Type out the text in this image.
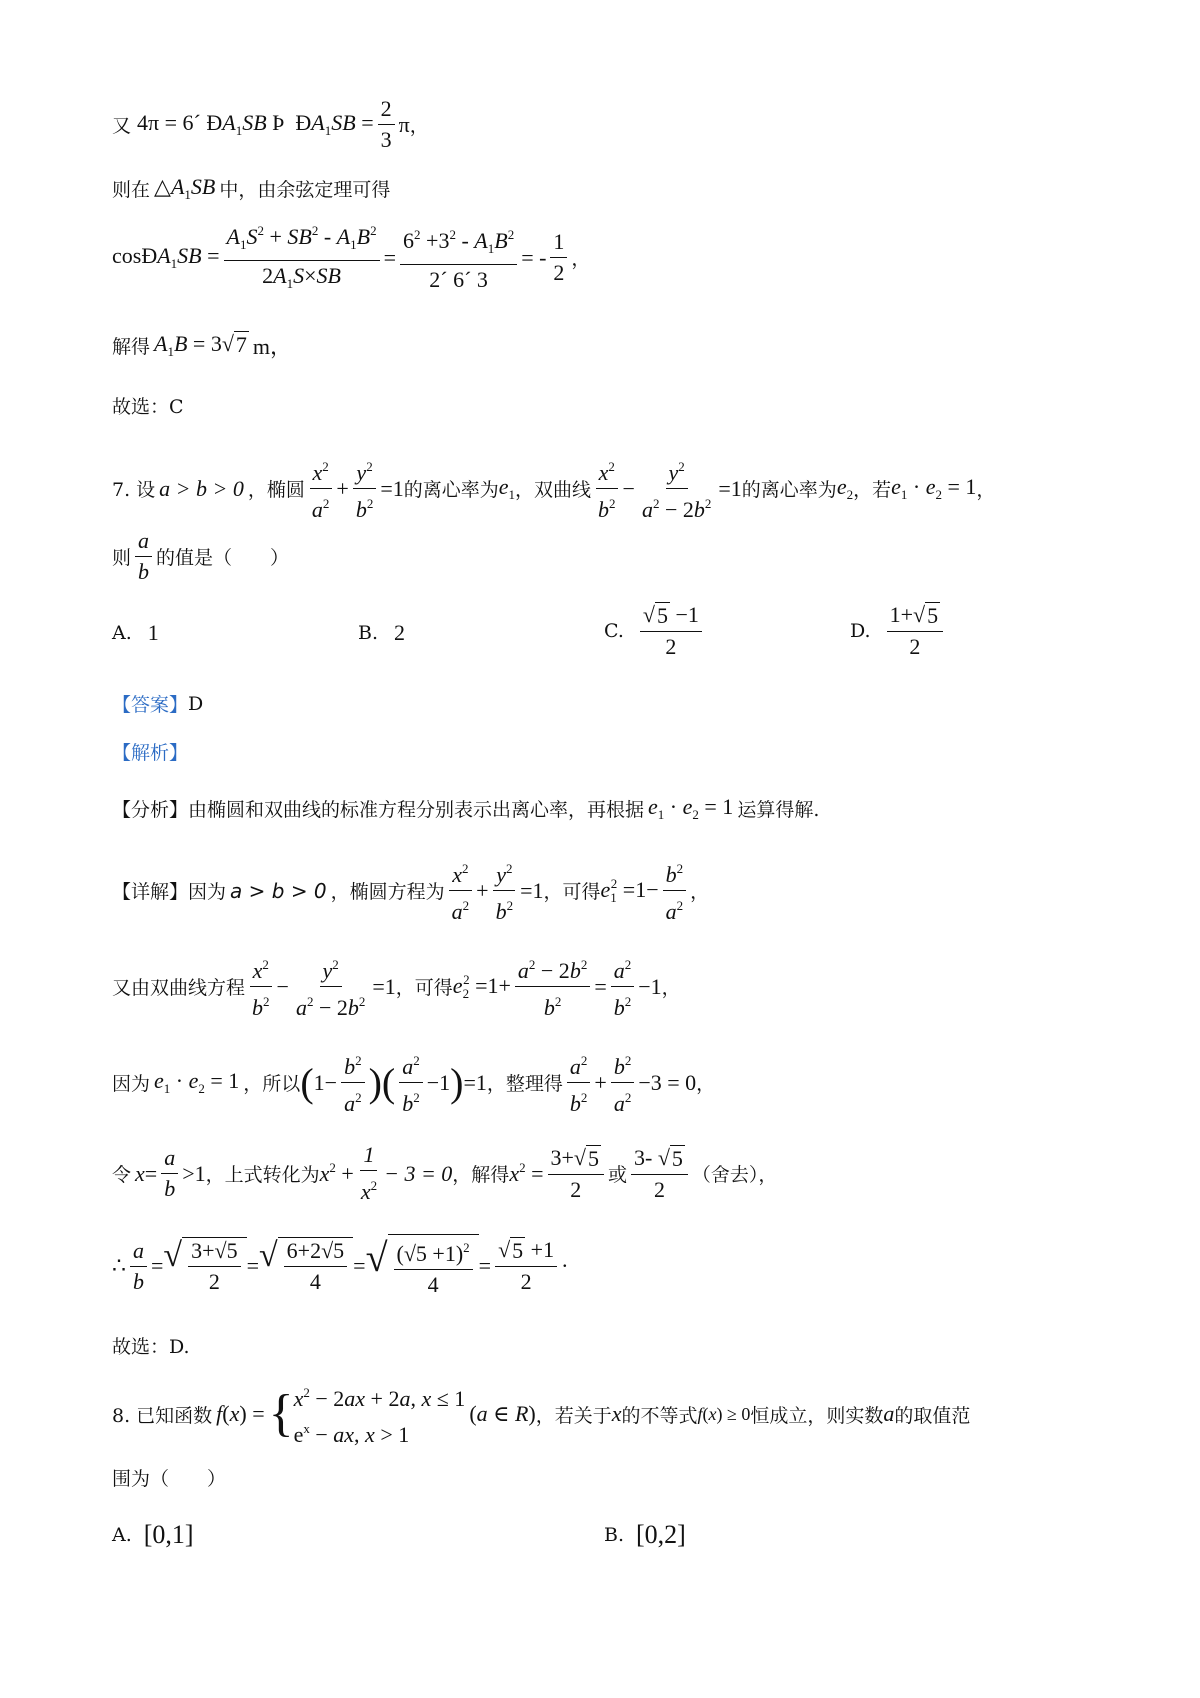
又 4π = 6´ $ĐA_1SB$ Þ  $ĐA_1SB = \frac{2}{3}$ π ，
则在 $\triangle A_1SB$ 中，由余弦定理可得
cosĐA$_1$SB = $\frac{A_1S^2 + SB^2 - A_1B^2}{2A_1S\times SB} = \frac{6^2 +3^2 - A_1B^2}{2´ 6´ 3}$ = - $\frac{1}{2}$ ，
解得 $A_1B = 3$ √ 7 m，
故选：C
7. 设 a > b > 0 ，椭圆 $\frac{x^2}{a^2} + \frac{y^2}{b^2} =1$ 的离心率为 $e_1$ ，双曲线 $\frac{x^2}{b^2} - \frac{y^2}{a^2 - 2b^2} =1$ 的离心率为 $e_2$ ，若 $e_1 \cdot e_2 = 1$ ，
则 $\frac{a}{b}$ 的值是（　　）
A. 1	B. 2	C. $\frac{√ 5 -1}{2}$	D. $\frac{1+ √ 5}{2}$
【答案】 D
【解析】
【分析】 由椭圆和双曲线的标准方程分别表示出离心率，再根据 $e_1 \cdot e_2 = 1$ 运算得解.
【详解】 因为 a > b > 0 ，椭圆方程为 $\frac{x^2}{a^2} + \frac{y^2}{b^2} =1$ ，可得 $e_1^2 =1- \frac{b^2}{a^2}$ ，
又由双曲线方程 $\frac{x^2}{b^2} - \frac{y^2}{a^2 - 2b^2} =1$ ，可得 $e_2^2 =1+ \frac{a^2 - 2b^2}{b^2} = \frac{a^2}{b^2} -1$ ，
因为 $e_1 \cdot e_2 = 1$ ，所以 ( $1- \frac{b^2}{a^2}$ )( $\frac{a^2}{b^2} -1$ ) =1 ，整理得 $\frac{a^2}{b^2} + \frac{b^2}{a^2} -3 = 0$ ，
令 $x = \frac{a}{b} >1$ ，上式转化为 $x^2 + \frac{1}{x^2} - 3 = 0$ ，解得 $x^2 = \frac{3+ √ 5}{2}$ 或 $\frac{3- √ 5}{2}$ （舍去），
∴ $\frac{a}{b}$ = √ $\frac{3+√5}{2}$ = √ $\frac{6+2√5}{4}$ = √ $\frac{(√5 +1)^2}{4} = \frac{√ 5 +1}{2}$ ·
故选：D.
8. 已知函数 f(x) = { $x^2 - 2ax + 2a$, x ≤ 1
$e^x$ − ax, x > 1
(a ∈ R) ，若关于 x 的不等式 f(x) ≥ 0 恒成立，则实数 a 的取值范
围为（　　）
A. [0,1]	B. [0,2]
